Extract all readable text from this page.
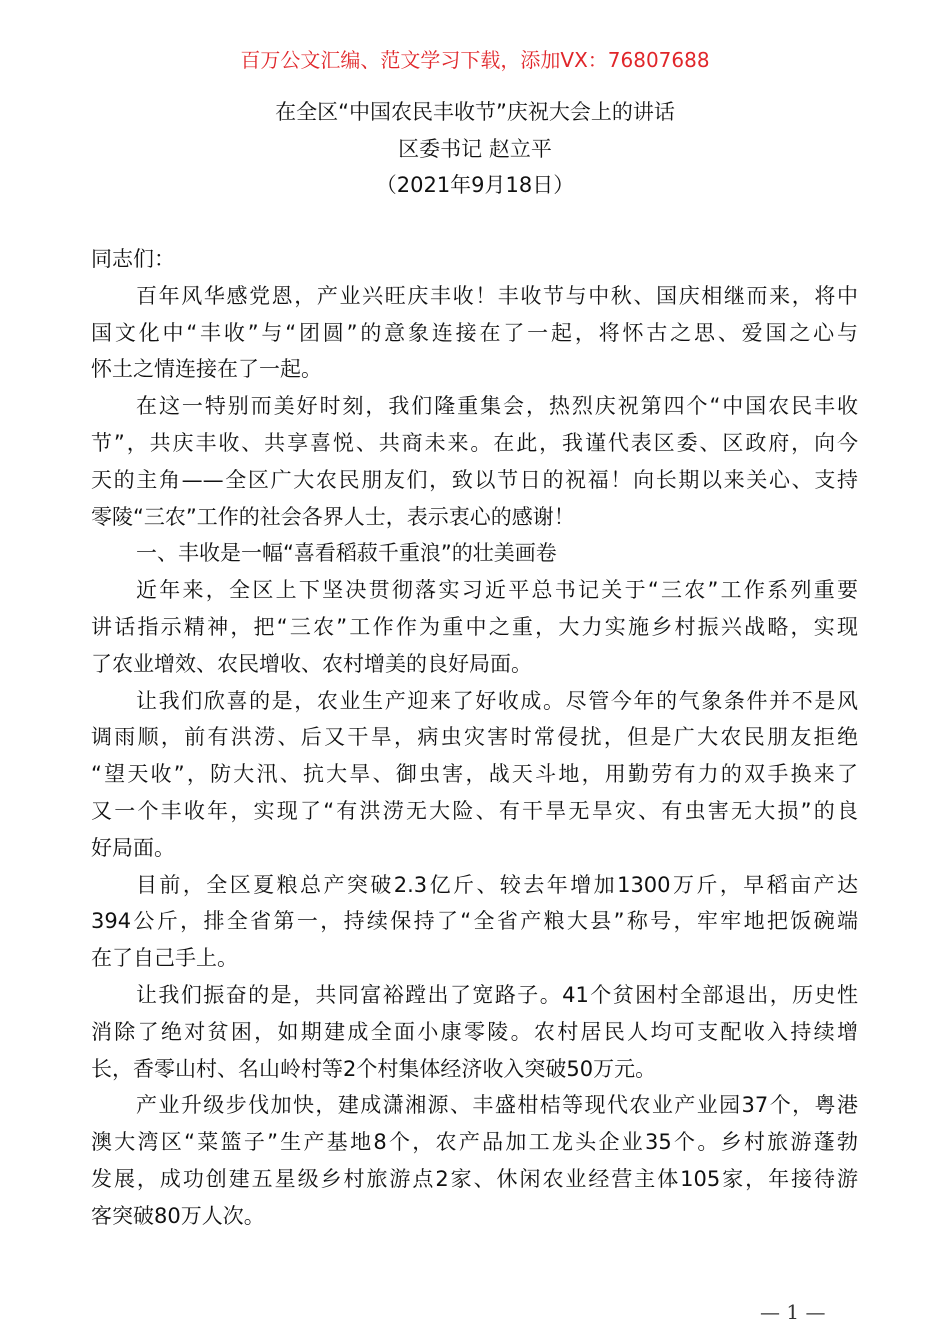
百万公文汇编、范文学习下载，添加VX：76807688
在全区“中国农民丰收节”庆祝大会上的讲话
区委书记 赵立平
（2021年9月18日）
同志们：
百年风华感党恩，产业兴旺庆丰收！丰收节与中秋、国庆相继而来，将中
国文化中“丰收”与“团圆”的意象连接在了一起，将怀古之思、爱国之心与
怀土之情连接在了一起。
在这一特别而美好时刻，我们隆重集会，热烈庆祝第四个“中国农民丰收
节”，共庆丰收、共享喜悦、共商未来。在此，我谨代表区委、区政府，向今
天的主角——全区广大农民朋友们，致以节日的祝福！向长期以来关心、支持
零陵“三农”工作的社会各界人士，表示衷心的感谢！
一、丰收是一幅“喜看稻菽千重浪”的壮美画卷
近年来，全区上下坚决贯彻落实习近平总书记关于“三农”工作系列重要
讲话指示精神，把“三农”工作作为重中之重，大力实施乡村振兴战略，实现
了农业增效、农民增收、农村增美的良好局面。
让我们欣喜的是，农业生产迎来了好收成。尽管今年的气象条件并不是风
调雨顺，前有洪涝、后又干旱，病虫灾害时常侵扰，但是广大农民朋友拒绝
“望天收”，防大汛、抗大旱、御虫害，战天斗地，用勤劳有力的双手换来了
又一个丰收年，实现了“有洪涝无大险、有干旱无旱灾、有虫害无大损”的良
好局面。
目前，全区夏粮总产突破2.3亿斤、较去年增加1300万斤，早稻亩产达
394公斤，排全省第一，持续保持了“全省产粮大县”称号，牢牢地把饭碗端
在了自己手上。
让我们振奋的是，共同富裕蹚出了宽路子。41个贫困村全部退出，历史性
消除了绝对贫困，如期建成全面小康零陵。农村居民人均可支配收入持续增
长，香零山村、名山岭村等2个村集体经济收入突破50万元。
产业升级步伐加快，建成潇湘源、丰盛柑桔等现代农业产业园37个，粤港
澳大湾区“菜篮子”生产基地8个，农产品加工龙头企业35个。乡村旅游蓬勃
发展，成功创建五星级乡村旅游点2家、休闲农业经营主体105家，年接待游
客突破80万人次。
— 1 —
